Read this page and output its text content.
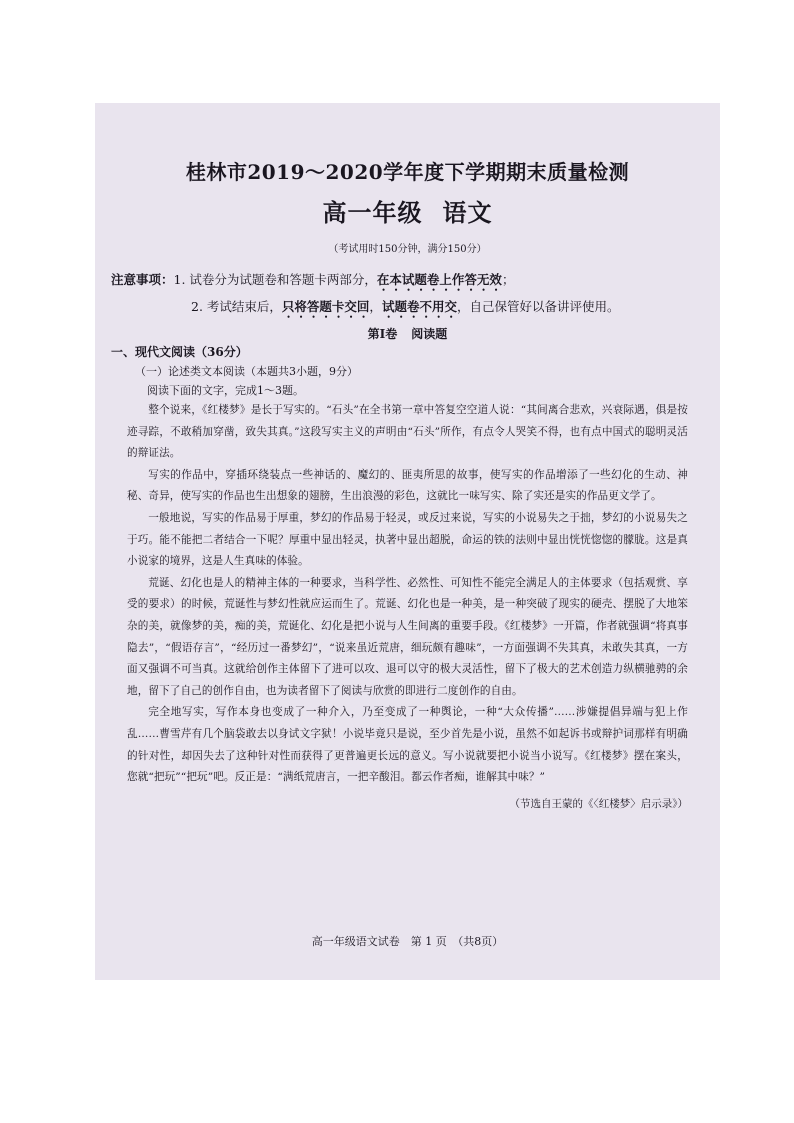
桂林市2019～2020学年度下学期期末质量检测
高一年级 语文
（考试用时150分钟，满分150分）
注意事项：1. 试卷分为试题卷和答题卡两部分，在本试题卷上作答无效；
2. 考试结束后，只将答题卡交回，试题卷不用交，自己保管好以备讲评使用。
第Ⅰ卷 阅读题
一、现代文阅读（36分）
（一）论述类文本阅读（本题共3小题，9分）
阅读下面的文字，完成1～3题。

整个说来，《红楼梦》是长于写实的。“石头”在全书第一章中答复空空道人说：“其间离合悲欢，兴衰际遇，俱是按迹寻踪，不敢稍加穿凿，致失其真。”这段写实主义的声明由“石头”所作，有点令人哭笑不得，也有点中国式的聪明灵活的辩证法。

写实的作品中，穿插环绕装点一些神话的、魔幻的、匪夷所思的故事，使写实的作品增添了一些幻化的生动、神秘、奇异，使写实的作品也生出想象的翅膀，生出浪漫的彩色，这就比一味写实、除了实还是实的作品更文学了。

一般地说，写实的作品易于厚重，梦幻的作品易于轻灵，或反过来说，写实的小说易失之于拙，梦幻的小说易失之于巧。能不能把二者结合一下呢？厚重中显出轻灵，执著中显出超脱，命运的铁的法则中显出恍恍惚惚的朦胧。这是真小说家的境界，这是人生真味的体验。

荒诞、幻化也是人的精神主体的一种要求，当科学性、必然性、可知性不能完全满足人的主体要求（包括观赏、享受的要求）的时候，荒诞性与梦幻性就应运而生了。荒诞、幻化也是一种美，是一种突破了现实的硬壳、摆脱了大地笨杂的美，就像梦的美，痴的美，荒诞化、幻化是把小说与人生间离的重要手段。《红楼梦》一开篇，作者就强调“将真事隐去”，“假语存言”，“经历过一番梦幻”，“说来虽近荒唐，细玩颇有趣味”，一方面强调不失其真，未敢失其真，一方面又强调不可当真。这就给创作主体留下了进可以攻、退可以守的极大灵活性，留下了极大的艺术创造力纵横驰骋的余地，留下了自己的创作自由，也为读者留下了阅读与欣赏的即进行二度创作的自由。

完全地写实，写作本身也变成了一种介入，乃至变成了一种舆论，一种“大众传播”……涉嫌提倡异端与犯上作乱……曹雪芹有几个脑袋敢去以身试文字狱！小说毕竟只是说，至少首先是小说，虽然不如起诉书或辩护词那样有明确的针对性，却因失去了这种针对性而获得了更普遍更长远的意义。写小说就要把小说当小说写。《红楼梦》摆在案头，您就“把玩”“把玩”吧。反正是：“满纸荒唐言，一把辛酸泪。都云作者痴，谁解其中味？”

（节选自王蒙的《〈红楼梦〉启示录》）
高一年级语文试卷　第 1 页　（共8页）
